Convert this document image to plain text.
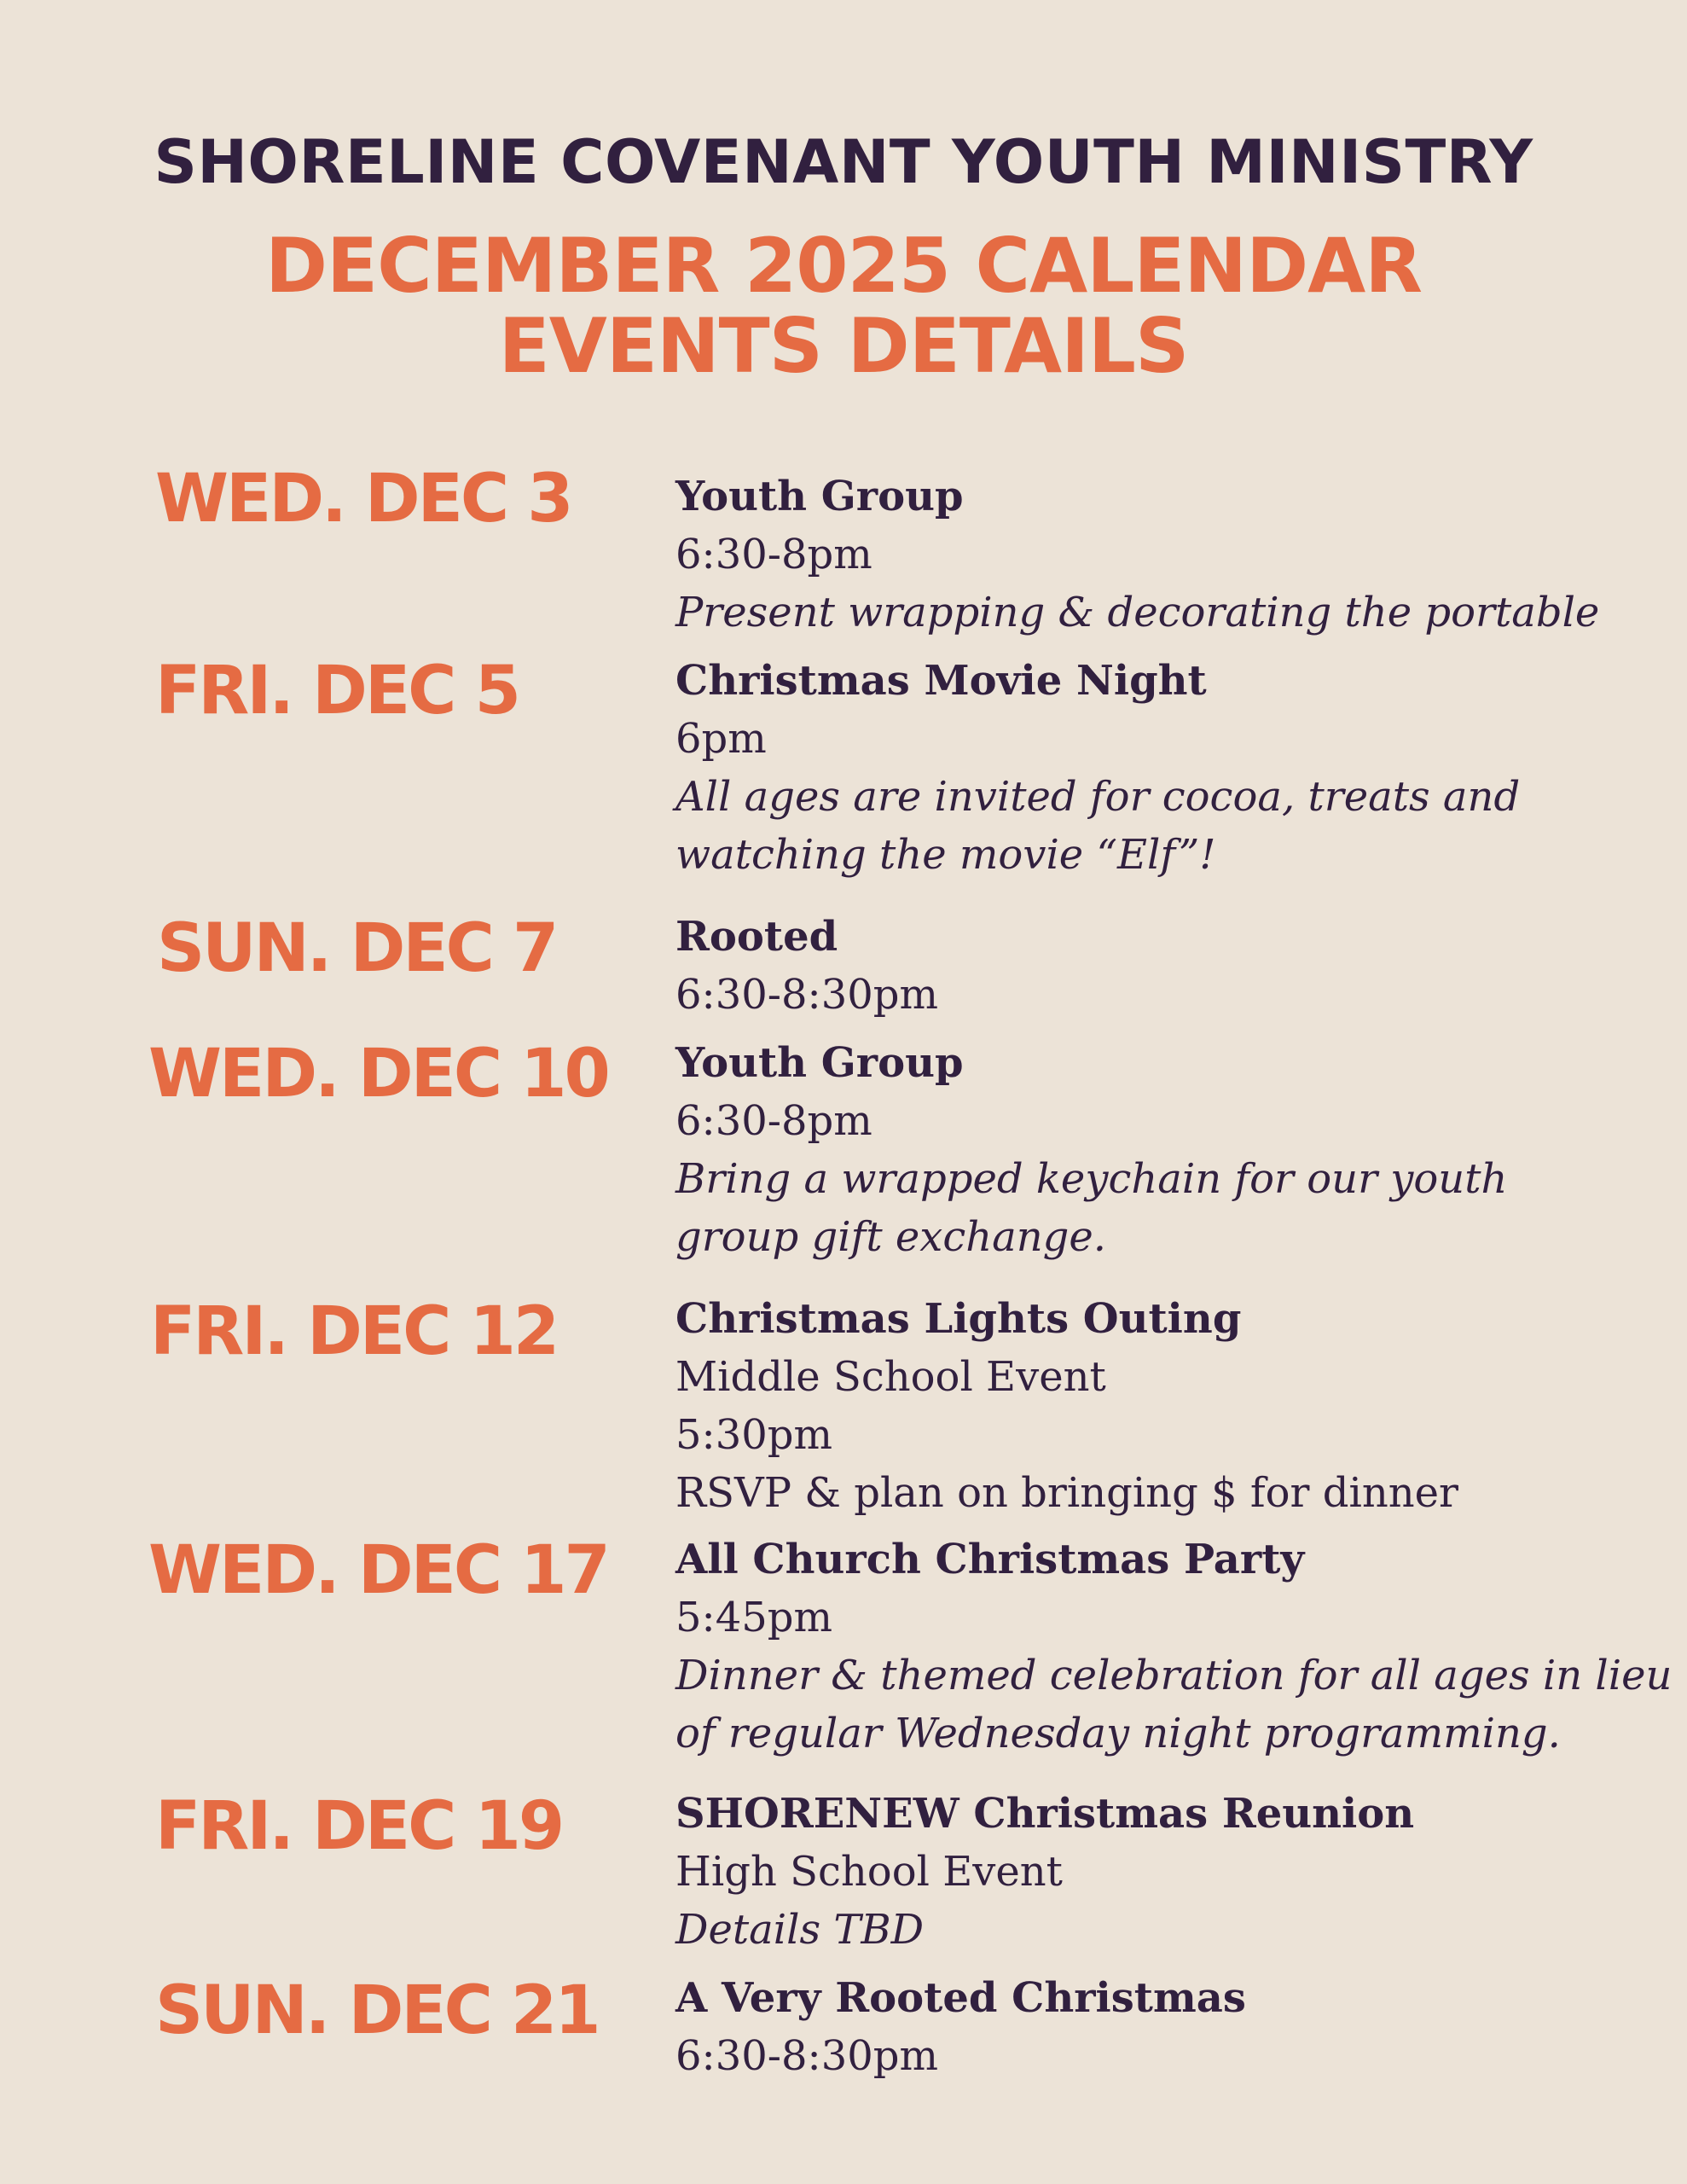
SHORELINE COVENANT YOUTH MINISTRY
DECEMBER 2025 CALENDAR
EVENTS DETAILS
WED. DEC 3	Youth Group
6:30-8pm
Present wrapping & decorating the portable
FRI. DEC 5	Christmas Movie Night
6pm
All ages are invited for cocoa, treats and
watching the movie “Elf”!
SUN. DEC 7	Rooted
6:30-8:30pm
WED. DEC 10 Youth Group
6:30-8pm
Bring a wrapped keychain for our youth
group gift exchange.
FRI. DEC 12	Christmas Lights Outing
Middle School Event
5:30pm
RSVP & plan on bringing $ for dinner
WED. DEC 17 All Church Christmas Party
5:45pm
Dinner & themed celebration for all ages in lieu
of regular Wednesday night programming.
FRI. DEC 19	SHORENEW Christmas Reunion
High School Event
Details TBD
SUN. DEC 21 A Very Rooted Christmas
6:30-8:30pm
